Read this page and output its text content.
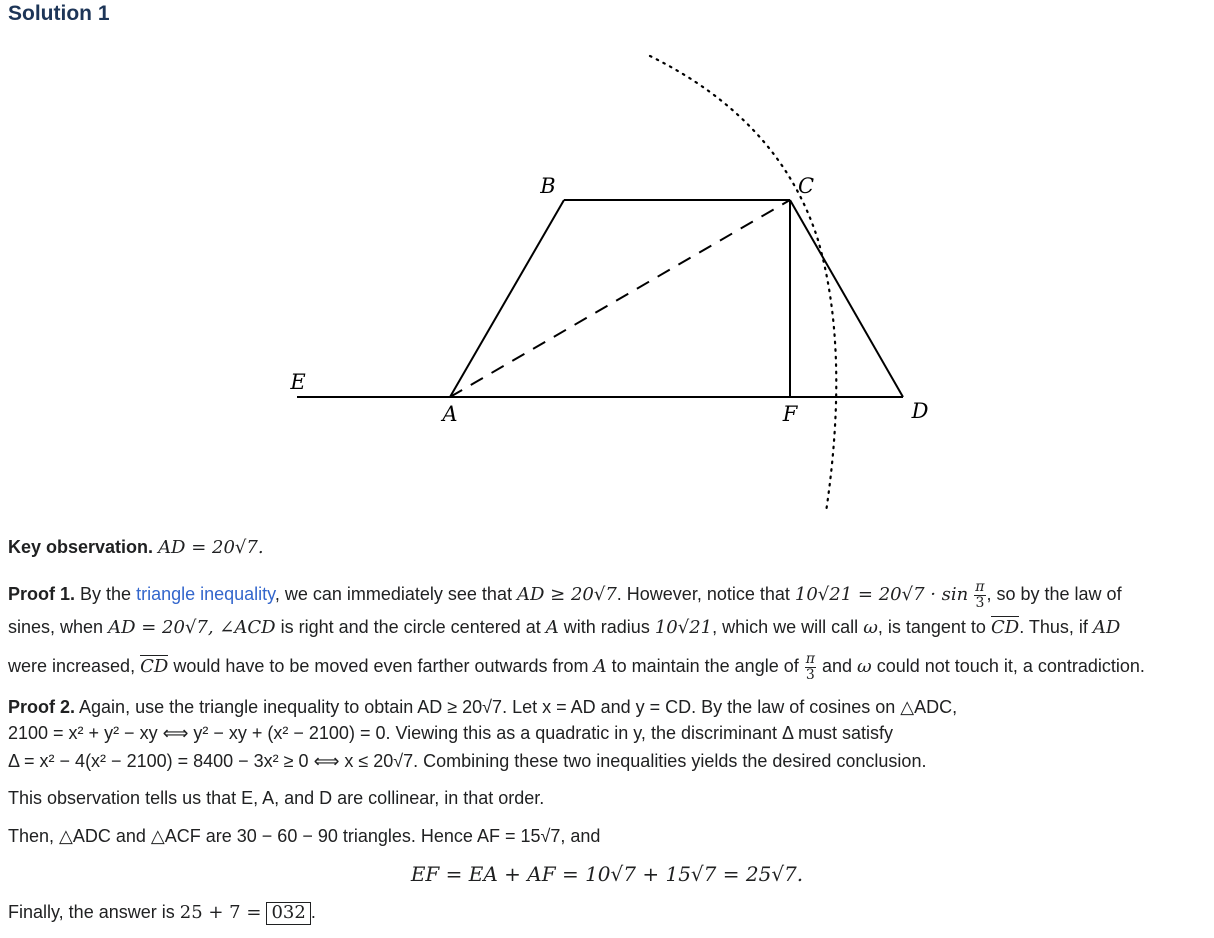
Solution 1
B	C
E
A	F	D
Key observation. AD = 20√7.
Proof 1. By the triangle inequality, we can immediately see that AD ≥ 20√7. However, notice that $10√21 = 20√7 \cdot \sin \frac{\pi}{3}$ , so by the law of
sines, when AD = 20√7, ∠ACD is right and the circle centered at A with radius 10√21, which we will call ω, is tangent to CD. Thus, if AD
were increased, CD would have to be moved even farther outwards from A to maintain the angle of $\frac{\pi}{3}$ and ω could not touch it, a contradiction.
Proof 2. Again, use the triangle inequality to obtain AD ≥ 20√7. Let x = AD and y = CD. By the law of cosines on △ADC,
2100 = x² + y² − xy ⟺ y² − xy + (x² − 2100) = 0. Viewing this as a quadratic in y, the discriminant Δ must satisfy
Δ = x² − 4(x² − 2100) = 8400 − 3x² ≥ 0 ⟺ x ≤ 20√7. Combining these two inequalities yields the desired conclusion.
This observation tells us that E, A, and D are collinear, in that order.
Then, △ADC and △ACF are 30 − 60 − 90 triangles. Hence AF = 15√7, and
EF = EA + AF = 10√7 + 15√7 = 25√7.
Finally, the answer is 25 + 7 = 032 .
